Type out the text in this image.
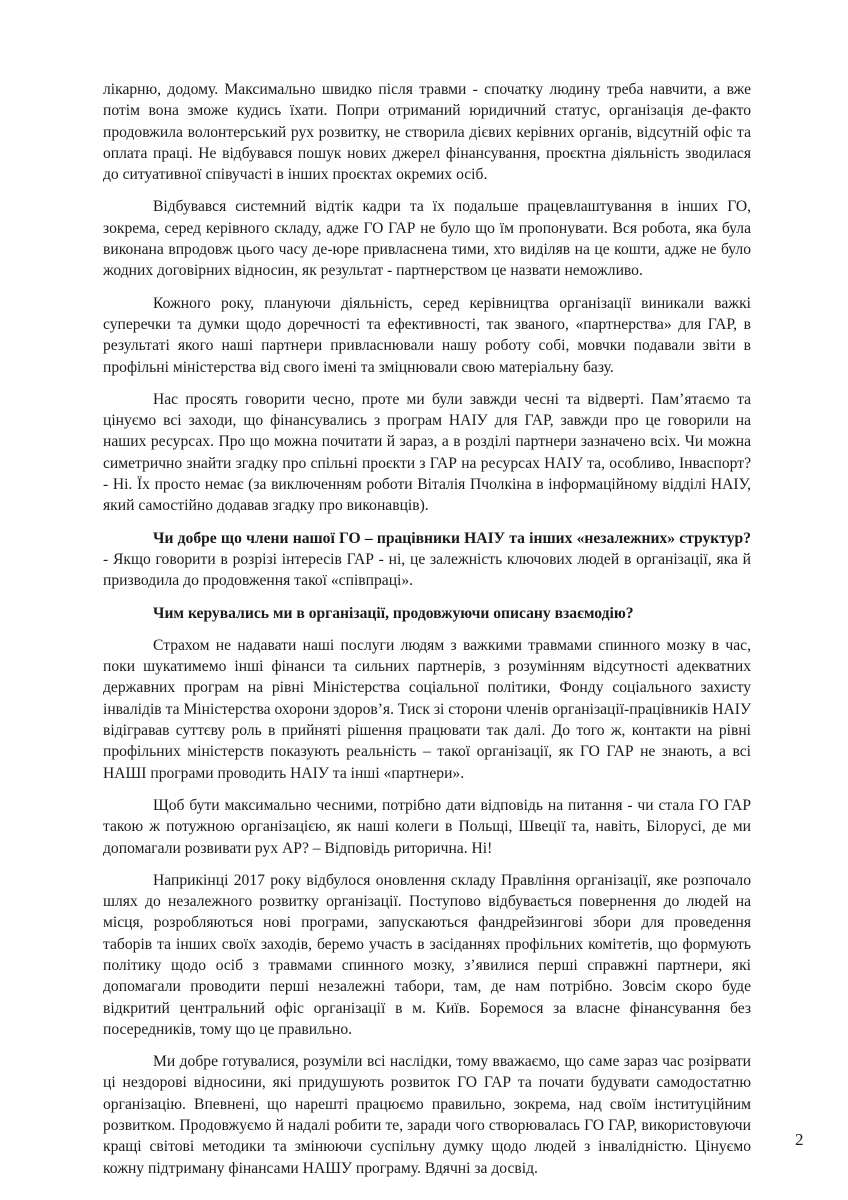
лікарню, додому. Максимально швидко після травми - спочатку людину треба навчити, а вже потім вона зможе кудись їхати. Попри отриманий юридичний статус, організація де-факто продовжила волонтерський рух розвитку, не створила дієвих керівних органів, відсутній офіс та оплата праці. Не відбувався пошук нових джерел фінансування, проєктна діяльність зводилася до ситуативної співучасті в інших проєктах окремих осіб.

Відбувався системний відтік кадри та їх подальше працевлаштування в інших ГО, зокрема, серед керівного складу, адже ГО ГАР не було що їм пропонувати. Вся робота, яка була виконана впродовж цього часу де-юре привласнена тими, хто виділяв на це кошти, адже не було жодних договірних відносин, як результат - партнерством це назвати неможливо.

Кожного року, плануючи діяльність, серед керівництва організації виникали важкі суперечки та думки щодо доречності та ефективності, так званого, «партнерства» для ГАР, в результаті якого наші партнери привласнювали нашу роботу собі, мовчки подавали звіти в профільні міністерства від свого імені та зміцнювали свою матеріальну базу.

Нас просять говорити чесно, проте ми були завжди чесні та відверті. Пам’ятаємо та цінуємо всі заходи, що фінансувались з програм НАІУ для ГАР, завжди про це говорили на наших ресурсах. Про що можна почитати й зараз, а в розділі партнери зазначено всіх. Чи можна симетрично знайти згадку про спільні проєкти з ГАР на ресурсах НАІУ та, особливо, Інваспорт? - Ні. Їх просто немає (за виключенням роботи Віталія Пчолкіна в інформаційному відділі НАІУ, який самостійно додавав згадку про виконавців).

Чи добре що члени нашої ГО – працівники НАІУ та інших «незалежних» структур? - Якщо говорити в розрізі інтересів ГАР - ні, це залежність ключових людей в організації, яка й призводила до продовження такої «співпраці».

Чим керувались ми в організації, продовжуючи описану взаємодію?

Страхом не надавати наші послуги людям з важкими травмами спинного мозку в час, поки шукатимемо інші фінанси та сильних партнерів, з розумінням відсутності адекватних державних програм на рівні Міністерства соціальної політики, Фонду соціального захисту інвалідів та Міністерства охорони здоров’я. Тиск зі сторони членів організації-працівників НАІУ відігравав суттєву роль в прийняті рішення працювати так далі. До того ж, контакти на рівні профільних міністерств показують реальність – такої організації, як ГО ГАР не знають, а всі НАШІ програми проводить НАІУ та інші «партнери».

Щоб бути максимально чесними, потрібно дати відповідь на питання - чи стала ГО ГАР такою ж потужною організацією, як наші колеги в Польщі, Швеції та, навіть, Білорусі, де ми допомагали розвивати рух АР? – Відповідь риторична. Ні!

Наприкінці 2017 року відбулося оновлення складу Правління організації, яке розпочало шлях до незалежного розвитку організації. Поступово відбувається повернення до людей на місця, розробляються нові програми, запускаються фандрейзингові збори для проведення таборів та інших своїх заходів, беремо участь в засіданнях профільних комітетів, що формують політику щодо осіб з травмами спинного мозку, з’явилися перші справжні партнери, які допомагали проводити перші незалежні табори, там, де нам потрібно. Зовсім скоро буде відкритий центральний офіс організації в м. Київ. Боремося за власне фінансування без посередників, тому що це правильно.

Ми добре готувалися, розуміли всі наслідки, тому вважаємо, що саме зараз час розірвати ці нездорові відносини, які придушують розвиток ГО ГАР та почати будувати самодостатню організацію. Впевнені, що нарешті працюємо правильно, зокрема, над своїм інституційним розвитком. Продовжуємо й надалі робити те, заради чого створювалась ГО ГАР, використовуючи кращі світові методики та змінюючи суспільну думку щодо людей з інвалідністю. Цінуємо кожну підтриману фінансами НАШУ програму. Вдячні за досвід.

2
